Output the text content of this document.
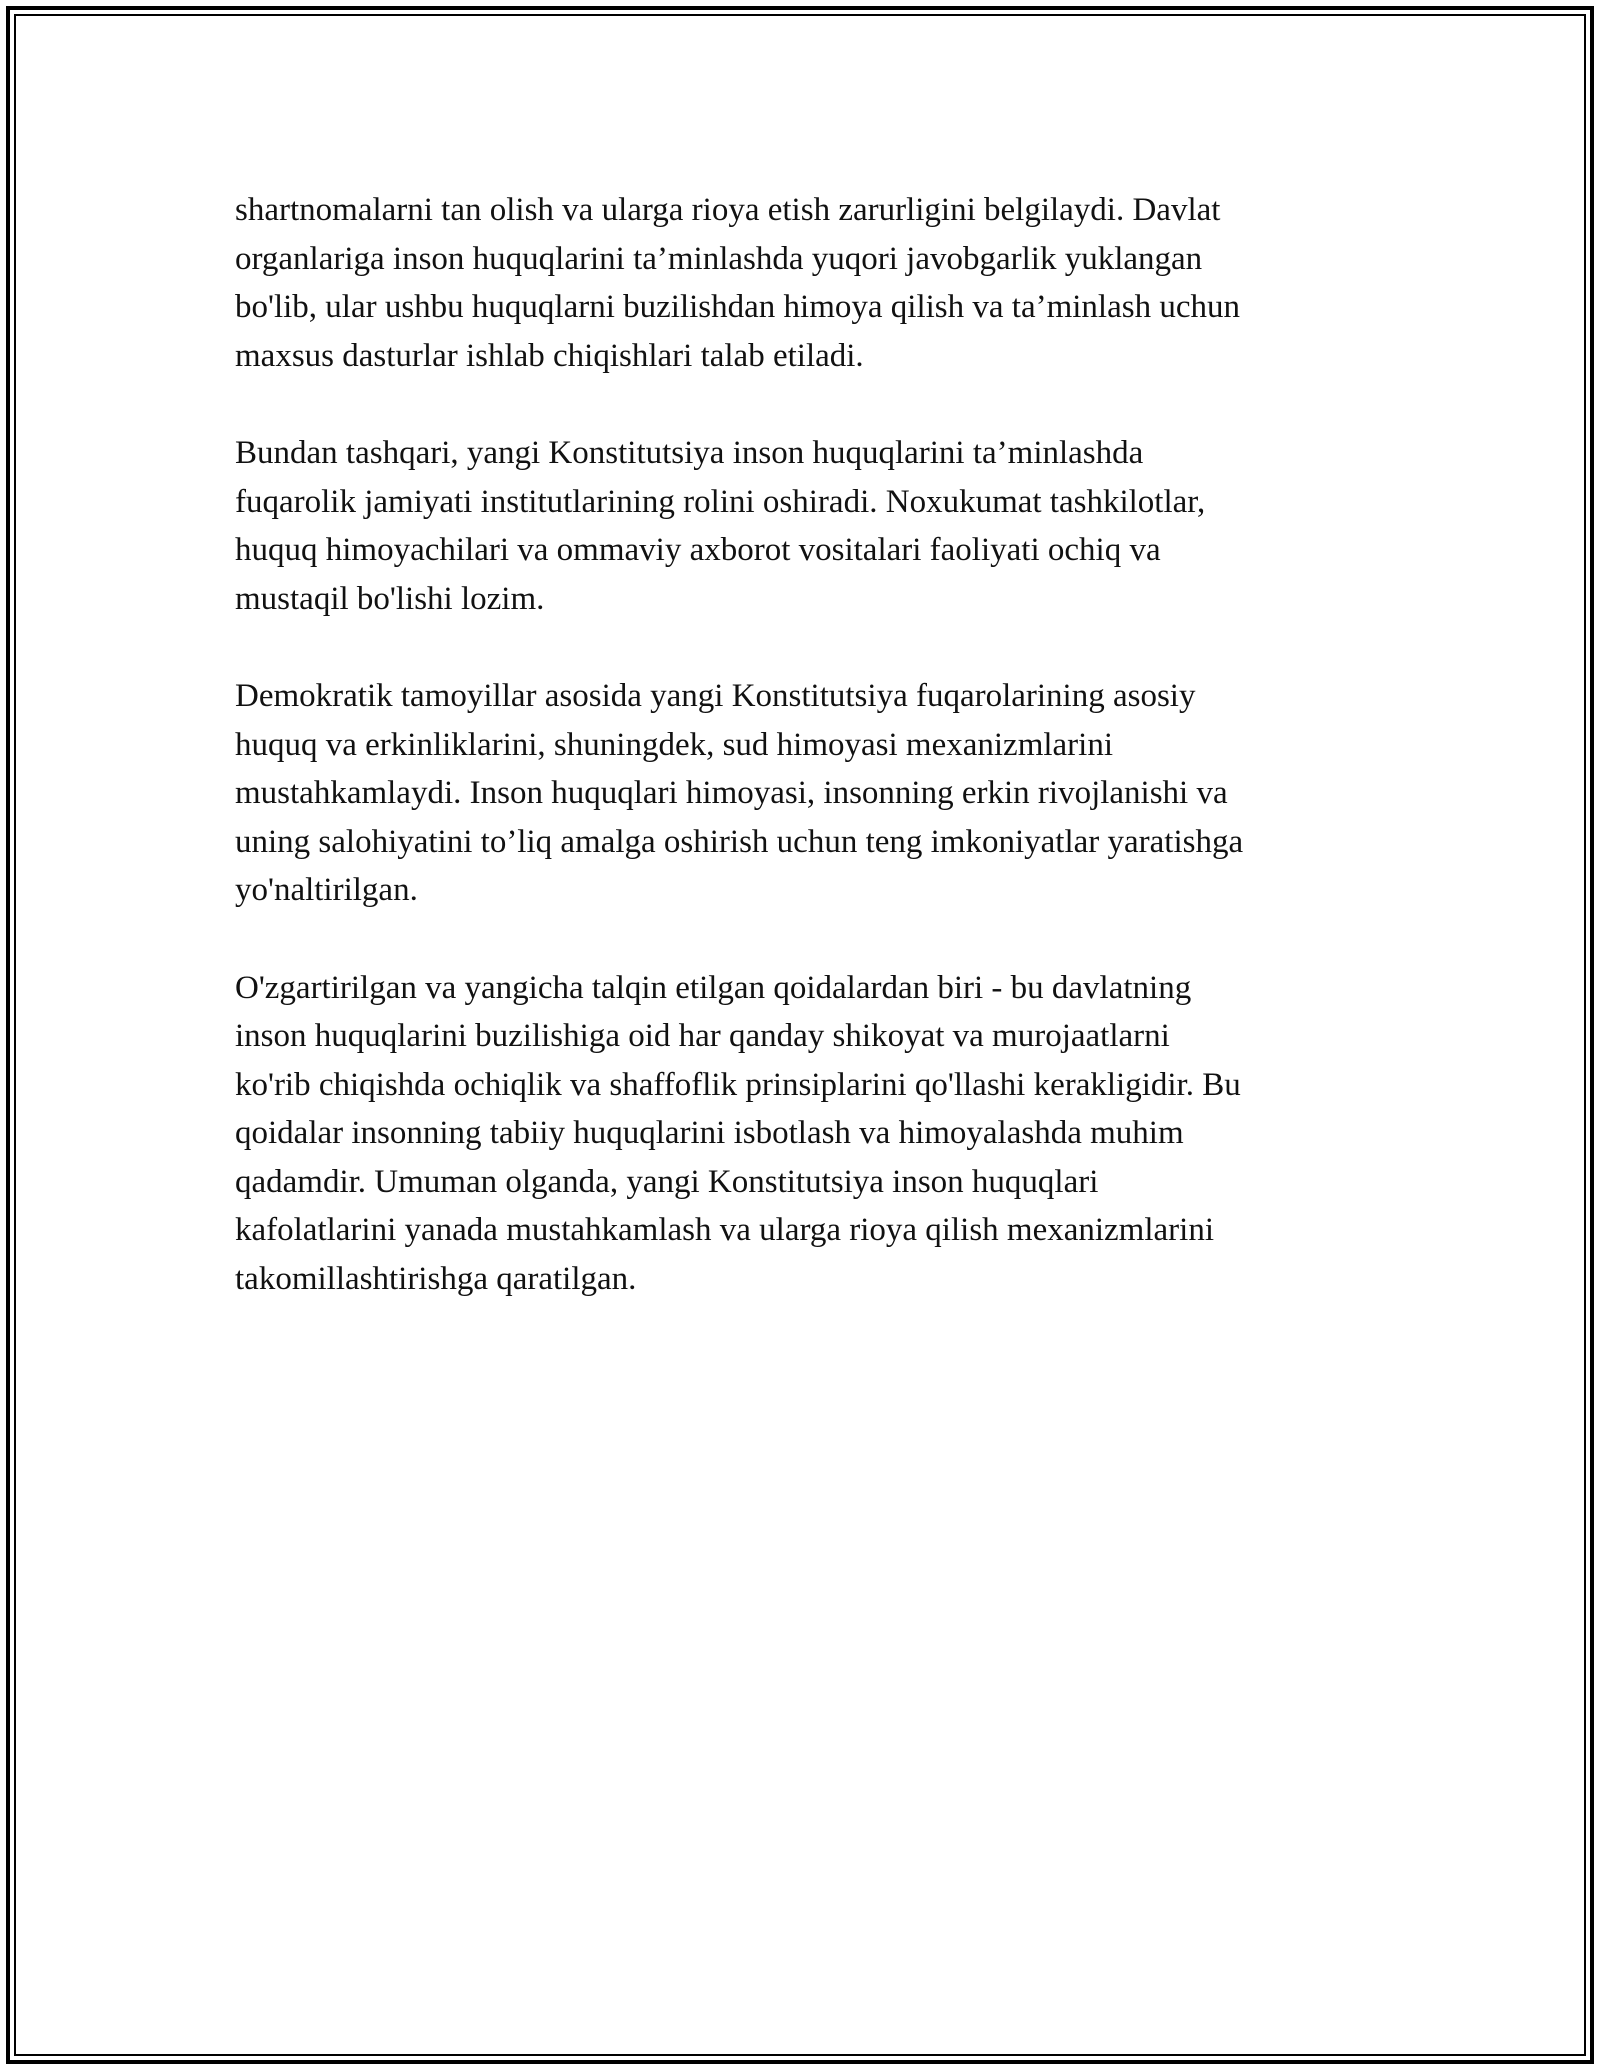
shartnomalarni tan olish va ularga rioya etish zarurligini belgilaydi. Davlat
organlariga inson huquqlarini ta’minlashda yuqori javobgarlik yuklangan
bo'lib, ular ushbu huquqlarni buzilishdan himoya qilish va ta’minlash uchun
maxsus dasturlar ishlab chiqishlari talab etiladi.

Bundan tashqari, yangi Konstitutsiya inson huquqlarini ta’minlashda
fuqarolik jamiyati institutlarining rolini oshiradi. Noxukumat tashkilotlar,
huquq himoyachilari va ommaviy axborot vositalari faoliyati ochiq va
mustaqil bo'lishi lozim.

Demokratik tamoyillar asosida yangi Konstitutsiya fuqarolarining asosiy
huquq va erkinliklarini, shuningdek, sud himoyasi mexanizmlarini
mustahkamlaydi. Inson huquqlari himoyasi, insonning erkin rivojlanishi va
uning salohiyatini to’liq amalga oshirish uchun teng imkoniyatlar yaratishga
yo'naltirilgan.

O'zgartirilgan va yangicha talqin etilgan qoidalardan biri - bu davlatning
inson huquqlarini buzilishiga oid har qanday shikoyat va murojaatlarni
ko'rib chiqishda ochiqlik va shaffoflik prinsiplarini qo'llashi kerakligidir. Bu
qoidalar insonning tabiiy huquqlarini isbotlash va himoyalashda muhim
qadamdir. Umuman olganda, yangi Konstitutsiya inson huquqlari
kafolatlarini yanada mustahkamlash va ularga rioya qilish mexanizmlarini
takomillashtirishga qaratilgan.
